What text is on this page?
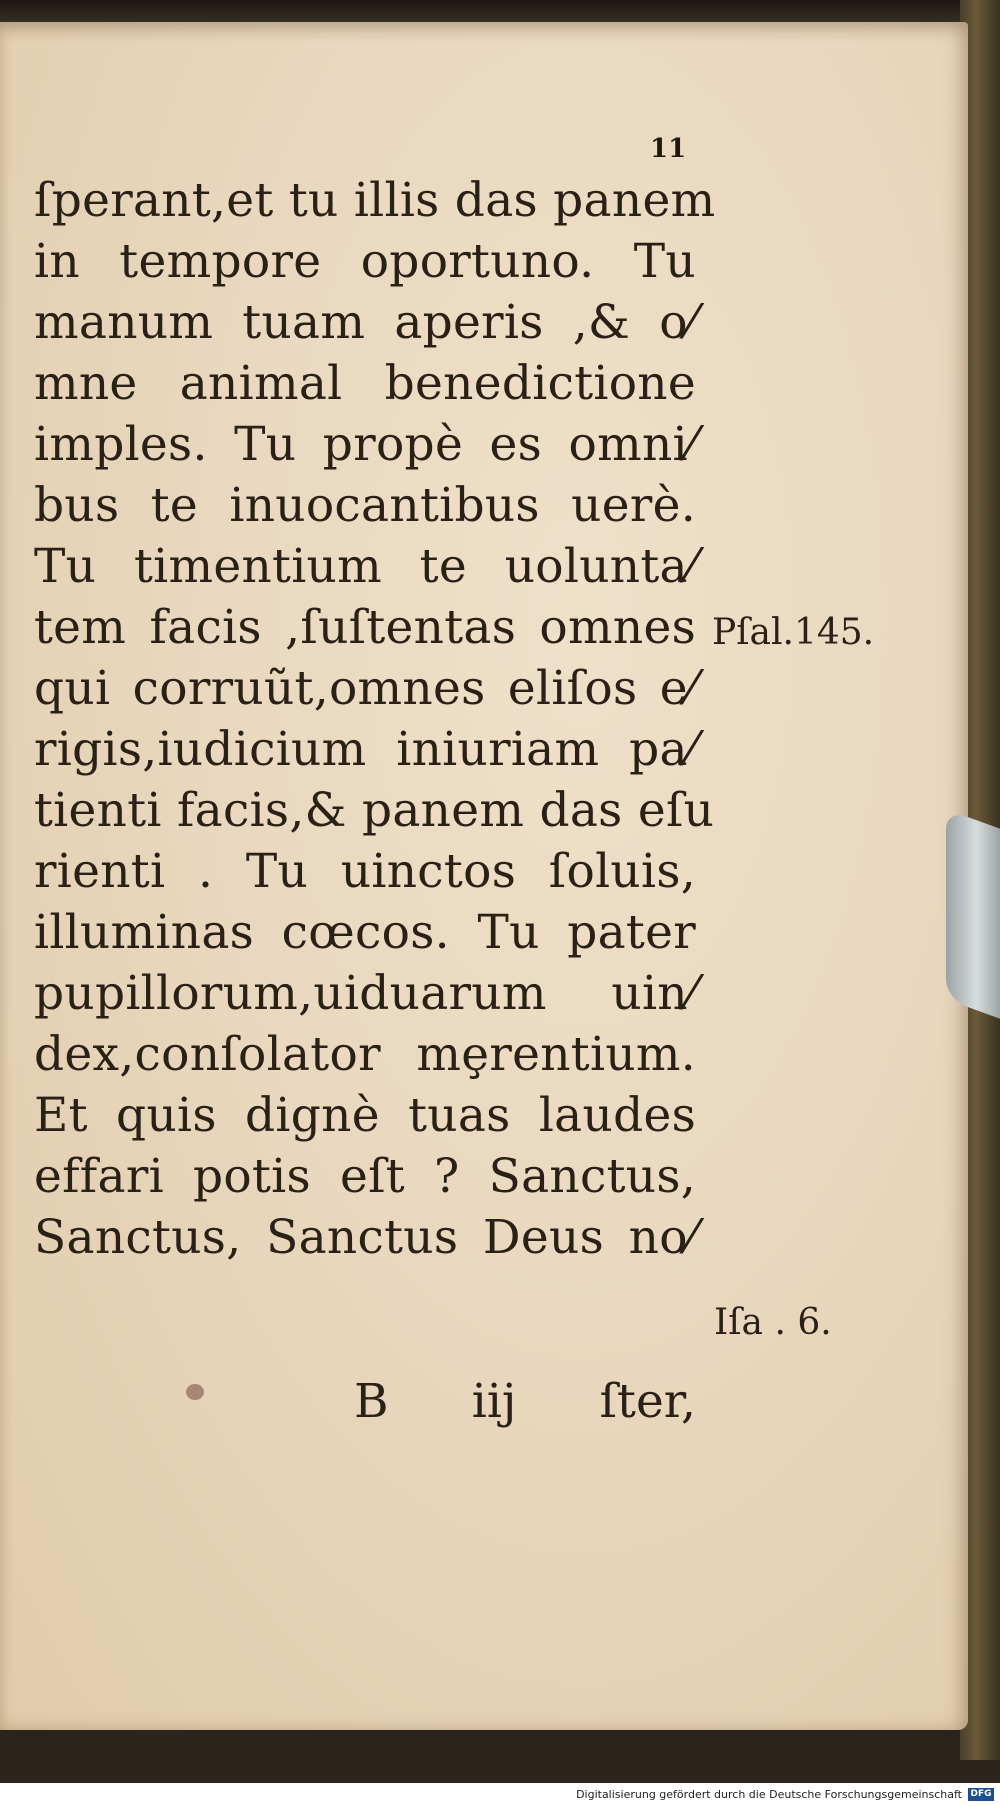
11
ſperant,et tu illis das panem
in tempore oportuno. Tu
manum tuam aperis ,& o⁄
mne animal benedictione
imples. Tu propè es omni⁄
bus te inuocantibus uerè.
Tu timentium te uolunta⁄
tem facis ,ſuſtentas omnes
qui corruũt,omnes eliſos e⁄
rigis,iudicium iniuriam pa⁄
tienti facis,& panem das eſu
rienti . Tu uinctos ſoluis,
illuminas cœcos. Tu pater
pupillorum,uiduarum uin⁄
dex,conſolator mȩrentium.
Et quis dignè tuas laudes
effari potis eſt ? Sanctus,
Sanctus, Sanctus Deus no⁄
Pſal.145.
Iſa . 6.
B iij ſter,
Digitalisierung gefördert durch die Deutsche Forschungsgemeinschaft DFG
